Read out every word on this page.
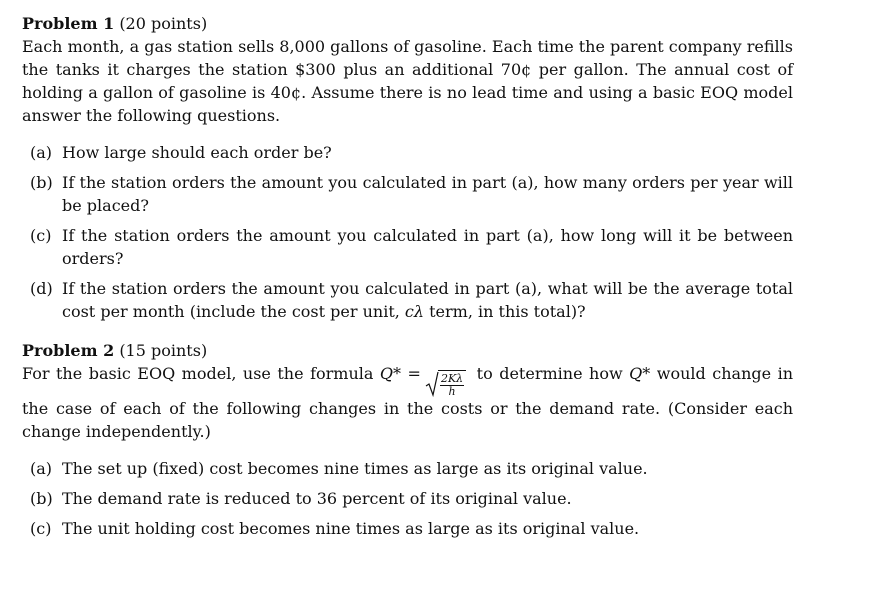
Problem 1 (20 points)

Each month, a gas station sells 8,000 gallons of gasoline. Each time the parent company refills the tanks it charges the station $300 plus an additional 70¢ per gallon. The annual cost of holding a gallon of gasoline is 40¢. Assume there is no lead time and using a basic EOQ model answer the following questions.

(a) How large should each order be?
(b) If the station orders the amount you calculated in part (a), how many orders per year will be placed?
(c) If the station orders the amount you calculated in part (a), how long will it be between orders?
(d) If the station orders the amount you calculated in part (a), what will be the average total cost per month (include the cost per unit, cλ term, in this total)?

Problem 2 (15 points)

For the basic EOQ model, use the formula $Q* = \frac{2K\lambda}{h}$ to determine how Q* would change in the case of each of the following changes in the costs or the demand rate. (Consider each change independently.)

(a) The set up (fixed) cost becomes nine times as large as its original value.
(b) The demand rate is reduced to 36 percent of its original value.
(c) The unit holding cost becomes nine times as large as its original value.
